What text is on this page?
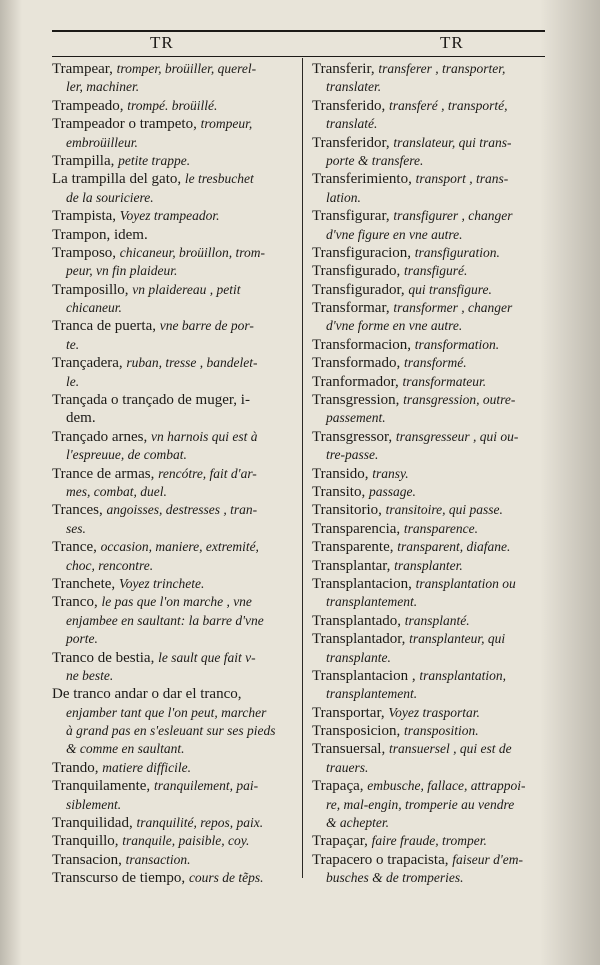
TR	TR
Trampear, tromper, broüiller, querel-
ler, machiner.
Trampeado, trompé. broüillé.
Trampeador o trampeto, trompeur,
embroüilleur.
Trampilla, petite trappe.
La trampilla del gato, le tresbuchet
de la souriciere.
Trampista, Voyez trampeador.
Trampon, idem.
Tramposo, chicaneur, broüillon, trom-
peur, vn fin plaideur.
Tramposillo, vn plaidereau , petit
chicaneur.
Tranca de puerta, vne barre de por-
te.
Trançadera, ruban, tresse , bandelet-
le.
Trançada o trançado de muger, i-
dem.
Trançado arnes, vn harnois qui est à
l'espreuue, de combat.
Trance de armas, rencótre, fait d'ar-
mes, combat, duel.
Trances, angoisses, destresses , tran-
ses.
Trance, occasion, maniere, extremité,
choc, rencontre.
Tranchete, Voyez trinchete.
Tranco, le pas que l'on marche , vne
enjambee en saultant: la barre d'vne
porte.
Tranco de bestia, le sault que fait v-
ne beste.
De tranco andar o dar el tranco,
enjamber tant que l'on peut, marcher
à grand pas en s'esleuant sur ses pieds
& comme en saultant.
Trando, matiere difficile.
Tranquilamente, tranquilement, pai-
siblement.
Tranquilidad, tranquilité, repos, paix.
Tranquillo, tranquile, paisible, coy.
Transacion, transaction.
Transcurso de tiempo, cours de tẽps.
Transferir, transferer , transporter,
translater.
Transferido, transferé , transporté,
translaté.
Transferidor, translateur, qui trans-
porte & transfere.
Transferimiento, transport , trans-
lation.
Transfigurar, transfigurer , changer
d'vne figure en vne autre.
Transfiguracion, transfiguration.
Transfigurado, transfiguré.
Transfigurador, qui transfigure.
Transformar, transformer , changer
d'vne forme en vne autre.
Transformacion, transformation.
Transformado, transformé.
Tranformador, transformateur.
Transgression, transgression, outre-
passement.
Transgressor, transgresseur , qui ou-
tre-passe.
Transido, transy.
Transito, passage.
Transitorio, transitoire, qui passe.
Transparencia, transparence.
Transparente, transparent, diafane.
Transplantar, transplanter.
Transplantacion, transplantation ou
transplantement.
Transplantado, transplanté.
Transplantador, transplanteur, qui
transplante.
Transplantacion , transplantation,
transplantement.
Transportar, Voyez trasportar.
Transposicion, transposition.
Transuersal, transuersel , qui est de
trauers.
Trapaça, embusche, fallace, attrappoi-
re, mal-engin, tromperie au vendre
& achepter.
Trapaçar, faire fraude, tromper.
Trapacero o trapacista, faiseur d'em-
busches & de tromperies.
